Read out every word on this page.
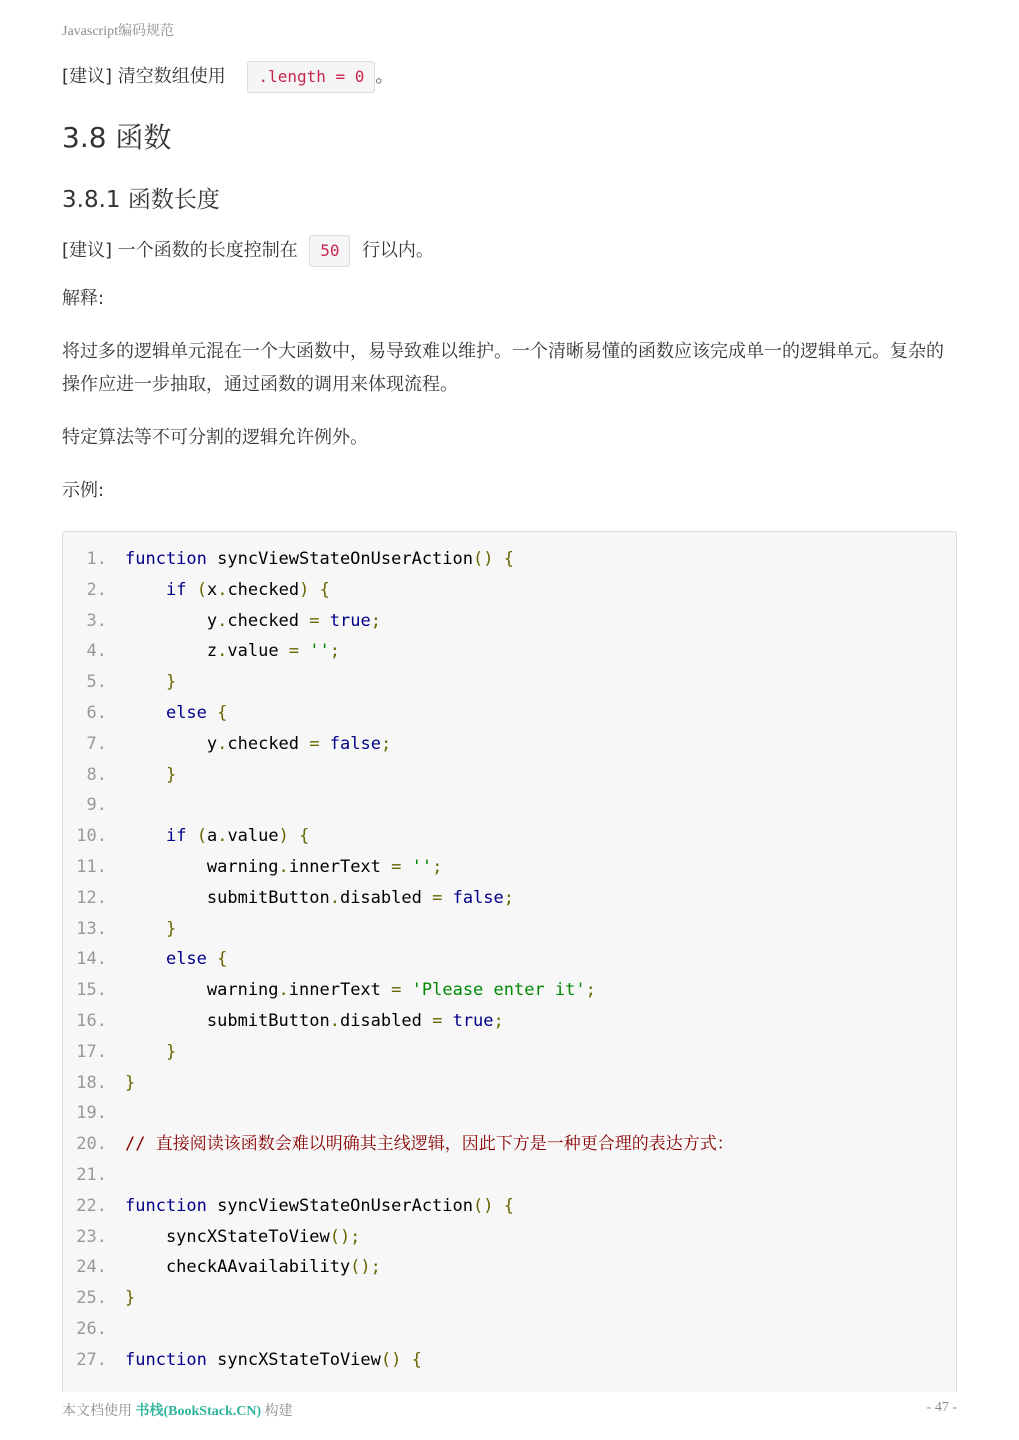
Javascript编码规范
[建议] 清空数组使用 .length = 0 。
3.8 函数
3.8.1 函数长度
[建议] 一个函数的长度控制在 50 行以内。
解释:
将过多的逻辑单元混在一个大函数中，易导致难以维护。一个清晰易懂的函数应该完成单一的逻辑单元。复杂的操作应进一步抽取，通过函数的调用来体现流程。
特定算法等不可分割的逻辑允许例外。
示例:
1. function syncViewStateOnUserAction() {
2.	if (x.checked) {
3.        y.checked = true;
4.        z.value = '';
5.	}
6.	else {
7.        y.checked = false;
8.	}
9.
10.	if (a.value) {
11.        warning.innerText = '';
12.        submitButton.disabled = false;
13.	}
14.	else {
15.        warning.innerText = 'Please enter it';
16.        submitButton.disabled = true;
17.	}
18. }
19.
20. // 直接阅读该函数会难以明确其主线逻辑，因此下方是一种更合理的表达方式：
21.
22. function syncViewStateOnUserAction() {
23.    syncXStateToView();
24.    checkAAvailability();
25. }
26.
27. function syncXStateToView() {
本文档使用 书栈(BookStack.CN) 构建	- 47 -
